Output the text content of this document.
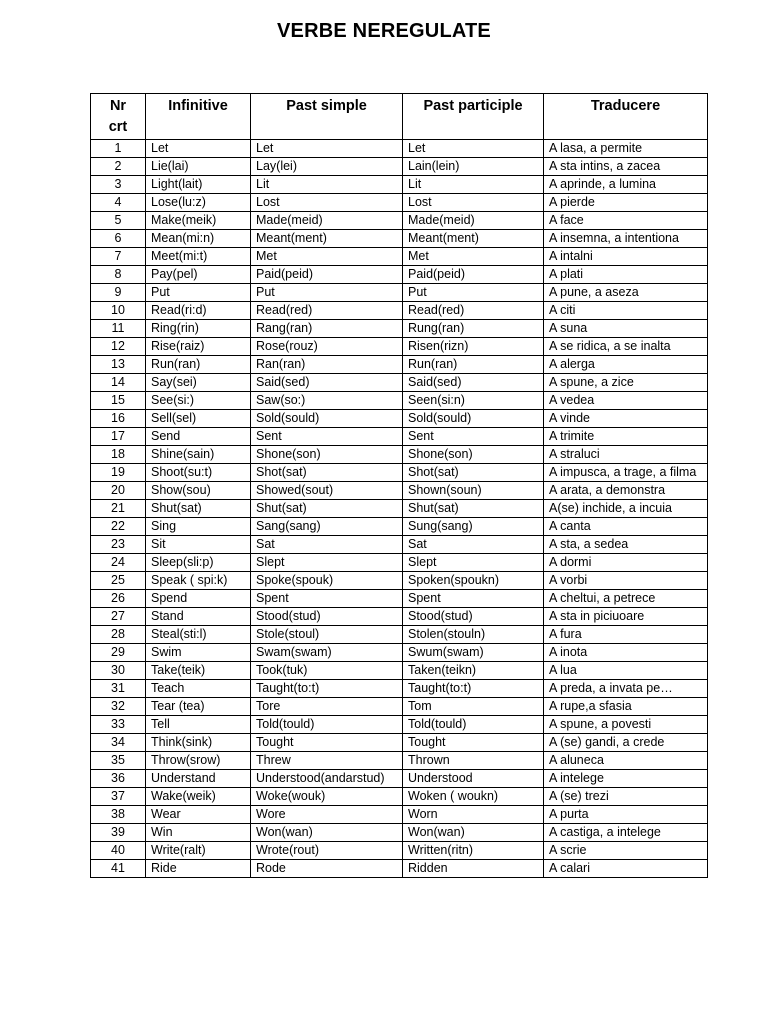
VERBE NEREGULATE
Nr
crt	Infinitive	Past simple	Past participle	Traducere
1	Let	Let	Let	A lasa, a permite
2	Lie(lai)	Lay(lei)	Lain(lein)	A sta intins, a zacea
3	Light(lait)	Lit	Lit	A aprinde, a lumina
4	Lose(lu:z)	Lost	Lost	A pierde
5	Make(meik)	Made(meid)	Made(meid)	A face
6	Mean(mi:n)	Meant(ment)	Meant(ment)	A insemna, a intentiona
7	Meet(mi:t)	Met	Met	A intalni
8	Pay(pel)	Paid(peid)	Paid(peid)	A plati
9	Put	Put	Put	A pune, a aseza
10	Read(ri:d)	Read(red)	Read(red)	A citi
11	Ring(rin)	Rang(ran)	Rung(ran)	A suna
12	Rise(raiz)	Rose(rouz)	Risen(rizn)	A se ridica, a se inalta
13	Run(ran)	Ran(ran)	Run(ran)	A alerga
14	Say(sei)	Said(sed)	Said(sed)	A spune, a zice
15	See(si:)	Saw(so:)	Seen(si:n)	A vedea
16	Sell(sel)	Sold(sould)	Sold(sould)	A vinde
17	Send	Sent	Sent	A trimite
18	Shine(sain)	Shone(son)	Shone(son)	A straluci
19	Shoot(su:t)	Shot(sat)	Shot(sat)	A impusca, a trage, a filma
20	Show(sou)	Showed(sout)	Shown(soun)	A arata, a demonstra
21	Shut(sat)	Shut(sat)	Shut(sat)	A(se) inchide, a incuia
22	Sing	Sang(sang)	Sung(sang)	A canta
23	Sit	Sat	Sat	A sta, a sedea
24	Sleep(sli:p)	Slept	Slept	A dormi
25	Speak ( spi:k)	Spoke(spouk)	Spoken(spoukn)	A vorbi
26	Spend	Spent	Spent	A cheltui, a petrece
27	Stand	Stood(stud)	Stood(stud)	A sta in piciuoare
28	Steal(sti:l)	Stole(stoul)	Stolen(stouln)	A fura
29	Swim	Swam(swam)	Swum(swam)	A inota
30	Take(teik)	Took(tuk)	Taken(teikn)	A lua
31	Teach	Taught(to:t)	Taught(to:t)	A preda, a invata pe…
32	Tear (tea)	Tore	Tom	A rupe,a sfasia
33	Tell	Told(tould)	Told(tould)	A spune, a povesti
34	Think(sink)	Tought	Tought	A (se) gandi, a crede
35	Throw(srow)	Threw	Thrown	A aluneca
36	Understand	Understood(andarstud)	Understood	A intelege
37	Wake(weik)	Woke(wouk)	Woken ( woukn)	A (se) trezi
38	Wear	Wore	Worn	A purta
39	Win	Won(wan)	Won(wan)	A castiga, a intelege
40	Write(ralt)	Wrote(rout)	Written(ritn)	A scrie
41	Ride	Rode	Ridden	A calari
